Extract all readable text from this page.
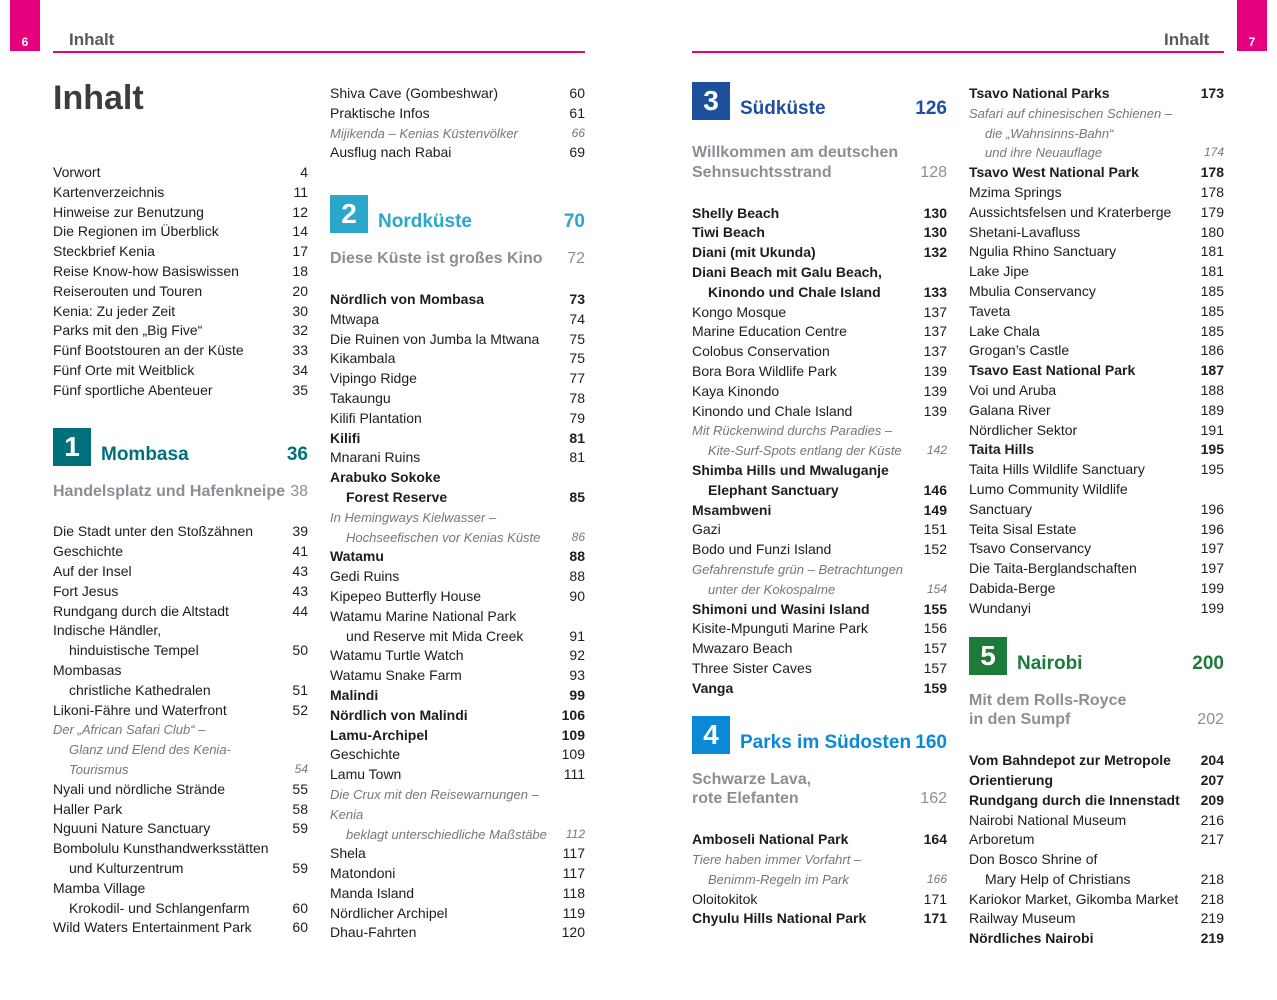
6	Inhalt	7
Inhalt
Inhalt
Vorwort	4
Kartenverzeichnis	11
Hinweise zur Benutzung	12
Die Regionen im Überblick	14
Steckbrief Kenia	17
Reise Know-how Basiswissen	18
Reiserouten und Touren	20
Kenia: Zu jeder Zeit	30
Parks mit den „Big Five“	32
Fünf Bootstouren an der Küste	33
Fünf Orte mit Weitblick	34
Fünf sportliche Abenteuer	35
1	Mombasa	36
Handelsplatz und Hafenkneipe 38
Die Stadt unter den Stoßzähnen	39
Geschichte	41
Auf der Insel	43
Fort Jesus	43
Rundgang durch die Altstadt	44
Indische Händler,
hinduistische Tempel	50
Mombasas
christliche Kathedralen	51
Likoni-Fähre und Waterfront	52
Der „African Safari Club“ –
Glanz und Elend des Kenia-Tourismus	54
Nyali und nördliche Strände	55
Haller Park	58
Nguuni Nature Sanctuary	59
Bombolulu Kunsthandwerksstätten
und Kulturzentrum	59
Mamba Village
Krokodil- und Schlangenfarm	60
Wild Waters Entertainment Park	60
Shiva Cave (Gombeshwar)	60
Praktische Infos	61
Mijikenda – Kenias Küstenvölker	66
Ausflug nach Rabai	69
2	Nordküste	70
Diese Küste ist großes Kino 72
Nördlich von Mombasa	73
Mtwapa	74
Die Ruinen von Jumba la Mtwana	75
Kikambala	75
Vipingo Ridge	77
Takaungu	78
Kilifi Plantation	79
Kilifi	81
Mnarani Ruins	81
Arabuko Sokoke
Forest Reserve	85
In Hemingways Kielwasser –
Hochseefischen vor Kenias Küste	86
Watamu	88
Gedi Ruins	88
Kipepeo Butterfly House	90
Watamu Marine National Park
und Reserve mit Mida Creek	91
Watamu Turtle Watch	92
Watamu Snake Farm	93
Malindi	99
Nördlich von Malindi	106
Lamu-Archipel	109
Geschichte	109
Lamu Town	111
Die Crux mit den Reisewarnungen – Kenia
beklagt unterschiedliche Maßstäbe	112
Shela	117
Matondoni	117
Manda Island	118
Nördlicher Archipel	119
Dhau-Fahrten	120
3	Südküste	126
Willkommen am deutschen
Sehnsuchtsstrand	128
Shelly Beach	130
Tiwi Beach	130
Diani (mit Ukunda)	132
Diani Beach mit Galu Beach,
Kinondo und Chale Island	133
Kongo Mosque	137
Marine Education Centre	137
Colobus Conservation	137
Bora Bora Wildlife Park	139
Kaya Kinondo	139
Kinondo und Chale Island	139
Mit Rückenwind durchs Paradies –
Kite-Surf-Spots entlang der Küste	142
Shimba Hills und Mwaluganje
Elephant Sanctuary	146
Msambweni	149
Gazi	151
Bodo und Funzi Island	152
Gefahrenstufe grün – Betrachtungen
unter der Kokospalme	154
Shimoni und Wasini Island	155
Kisite-Mpunguti Marine Park	156
Mwazaro Beach	157
Three Sister Caves	157
Vanga	159
4	Parks im Südosten 160
Schwarze Lava,
rote Elefanten	162
Amboseli National Park	164
Tiere haben immer Vorfahrt –
Benimm-Regeln im Park	166
Oloitokitok	171
Chyulu Hills National Park	171
Tsavo National Parks	173
Safari auf chinesischen Schienen –
die „Wahnsinns-Bahn“
und ihre Neuauflage	174
Tsavo West National Park	178
Mzima Springs	178
Aussichtsfelsen und Kraterberge	179
Shetani-Lavafluss	180
Ngulia Rhino Sanctuary	181
Lake Jipe	181
Mbulia Conservancy	185
Taveta	185
Lake Chala	185
Grogan’s Castle	186
Tsavo East National Park	187
Voi und Aruba	188
Galana River	189
Nördlicher Sektor	191
Taita Hills	195
Taita Hills Wildlife Sanctuary	195
Lumo Community Wildlife Sanctuary	196
Teita Sisal Estate	196
Tsavo Conservancy	197
Die Taita-Berglandschaften	197
Dabida-Berge	199
Wundanyi	199
5	Nairobi	200
Mit dem Rolls-Royce
in den Sumpf	202
Vom Bahndepot zur Metropole	204
Orientierung	207
Rundgang durch die Innenstadt	209
Nairobi National Museum	216
Arboretum	217
Don Bosco Shrine of
Mary Help of Christians	218
Kariokor Market, Gikomba Market	218
Railway Museum	219
Nördliches Nairobi	219
